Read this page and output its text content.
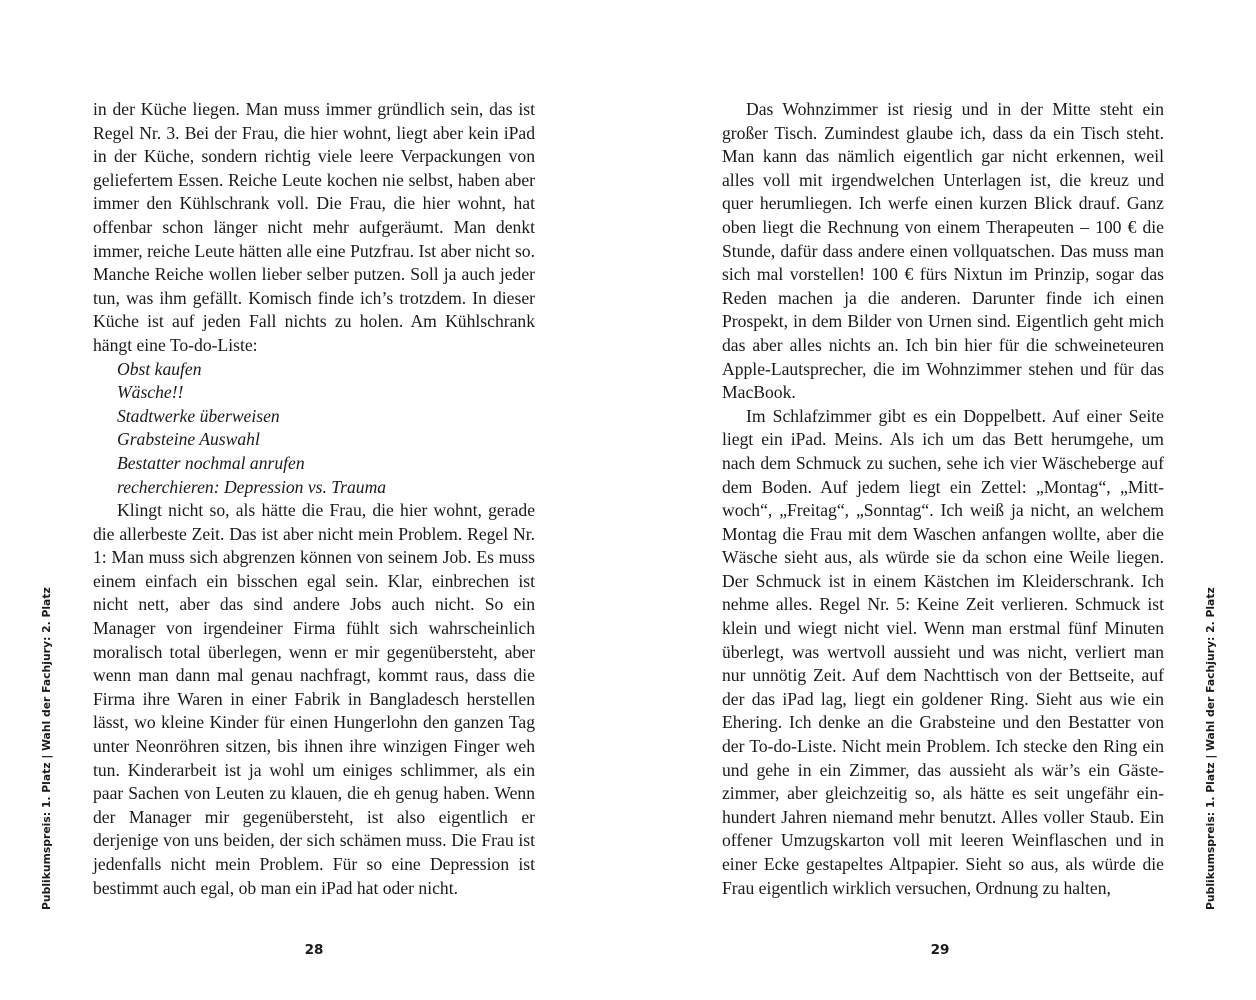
Publikumspreis: 1. Platz | Wahl der Fachjury: 2. Platz

in der Küche liegen. Man muss immer gründlich sein, das ist Regel Nr. 3. Bei der Frau, die hier wohnt, liegt aber kein iPad in der Küche, sondern richtig viele leere Verpackungen von geliefertem Essen. Reiche Leute kochen nie selbst, haben aber immer den Kühlschrank voll. Die Frau, die hier wohnt, hat offenbar schon länger nicht mehr aufgeräumt. Man denkt immer, reiche Leute hätten alle eine Putzfrau. Ist aber nicht so. Manche Reiche wollen lieber selber putzen. Soll ja auch jeder tun, was ihm gefällt. Komisch finde ich’s trotzdem. In dieser Küche ist auf jeden Fall nichts zu holen. Am Kühlschrank hängt eine To-do-Liste:

Obst kaufen
Wäsche!!
Stadtwerke überweisen
Grabsteine Auswahl
Bestatter nochmal anrufen
recherchieren: Depression vs. Trauma

Klingt nicht so, als hätte die Frau, die hier wohnt, gerade die allerbeste Zeit. Das ist aber nicht mein Problem. Regel Nr. 1: Man muss sich abgrenzen können von seinem Job. Es muss einem einfach ein bisschen egal sein. Klar, einbrechen ist nicht nett, aber das sind andere Jobs auch nicht. So ein Manager von irgendeiner Firma fühlt sich wahrscheinlich moralisch total überlegen, wenn er mir gegenübersteht, aber wenn man dann mal genau nachfragt, kommt raus, dass die Firma ihre Waren in einer Fabrik in Bangladesch herstellen lässt, wo kleine Kinder für einen Hungerlohn den ganzen Tag unter Neonröhren sitzen, bis ihnen ihre winzigen Finger weh tun. Kinderarbeit ist ja wohl um einiges schlimmer, als ein paar Sachen von Leuten zu klauen, die eh genug haben. Wenn der Manager mir gegenübersteht, ist also eigentlich er derjenige von uns beiden, der sich schämen muss. Die Frau ist jedenfalls nicht mein Problem. Für so eine Depression ist bestimmt auch egal, ob man ein iPad hat oder nicht.

28

Das Wohnzimmer ist riesig und in der Mitte steht ein großer Tisch. Zumindest glaube ich, dass da ein Tisch steht. Man kann das nämlich eigentlich gar nicht erkennen, weil alles voll mit irgendwelchen Unterlagen ist, die kreuz und quer herumliegen. Ich werfe einen kurzen Blick drauf. Ganz oben liegt die Rechnung von einem Therapeuten – 100 € die Stunde, dafür dass andere einen vollquatschen. Das muss man sich mal vorstellen! 100 € fürs Nixtun im Prinzip, sogar das Reden machen ja die anderen. Darunter finde ich einen Prospekt, in dem Bilder von Urnen sind. Eigentlich geht mich das aber alles nichts an. Ich bin hier für die schweineteuren Apple-Lautsprecher, die im Wohnzimmer stehen und für das MacBook.

Im Schlafzimmer gibt es ein Doppelbett. Auf einer Seite liegt ein iPad. Meins. Als ich um das Bett herumgehe, um nach dem Schmuck zu suchen, sehe ich vier Wäscheberge auf dem Boden. Auf jedem liegt ein Zettel: „Montag“, „Mittwoch“, „Freitag“, „Sonntag“. Ich weiß ja nicht, an welchem Montag die Frau mit dem Waschen anfangen wollte, aber die Wäsche sieht aus, als würde sie da schon eine Weile liegen. Der Schmuck ist in einem Kästchen im Kleiderschrank. Ich nehme alles. Regel Nr. 5: Keine Zeit verlieren. Schmuck ist klein und wiegt nicht viel. Wenn man erstmal fünf Minuten überlegt, was wertvoll aussieht und was nicht, verliert man nur unnötig Zeit. Auf dem Nachttisch von der Bettseite, auf der das iPad lag, liegt ein goldener Ring. Sieht aus wie ein Ehering. Ich denke an die Grabsteine und den Bestatter von der To-do-Liste. Nicht mein Problem. Ich stecke den Ring ein und gehe in ein Zimmer, das aussieht als wär’s ein Gästezimmer, aber gleichzeitig so, als hätte es seit ungefähr einhundert Jahren niemand mehr benutzt. Alles voller Staub. Ein offener Umzugskarton voll mit leeren Weinflaschen und in einer Ecke gestapeltes Altpapier. Sieht so aus, als würde die Frau eigentlich wirklich versuchen, Ordnung zu halten,

29
Publikumspreis: 1. Platz | Wahl der Fachjury: 2. Platz
